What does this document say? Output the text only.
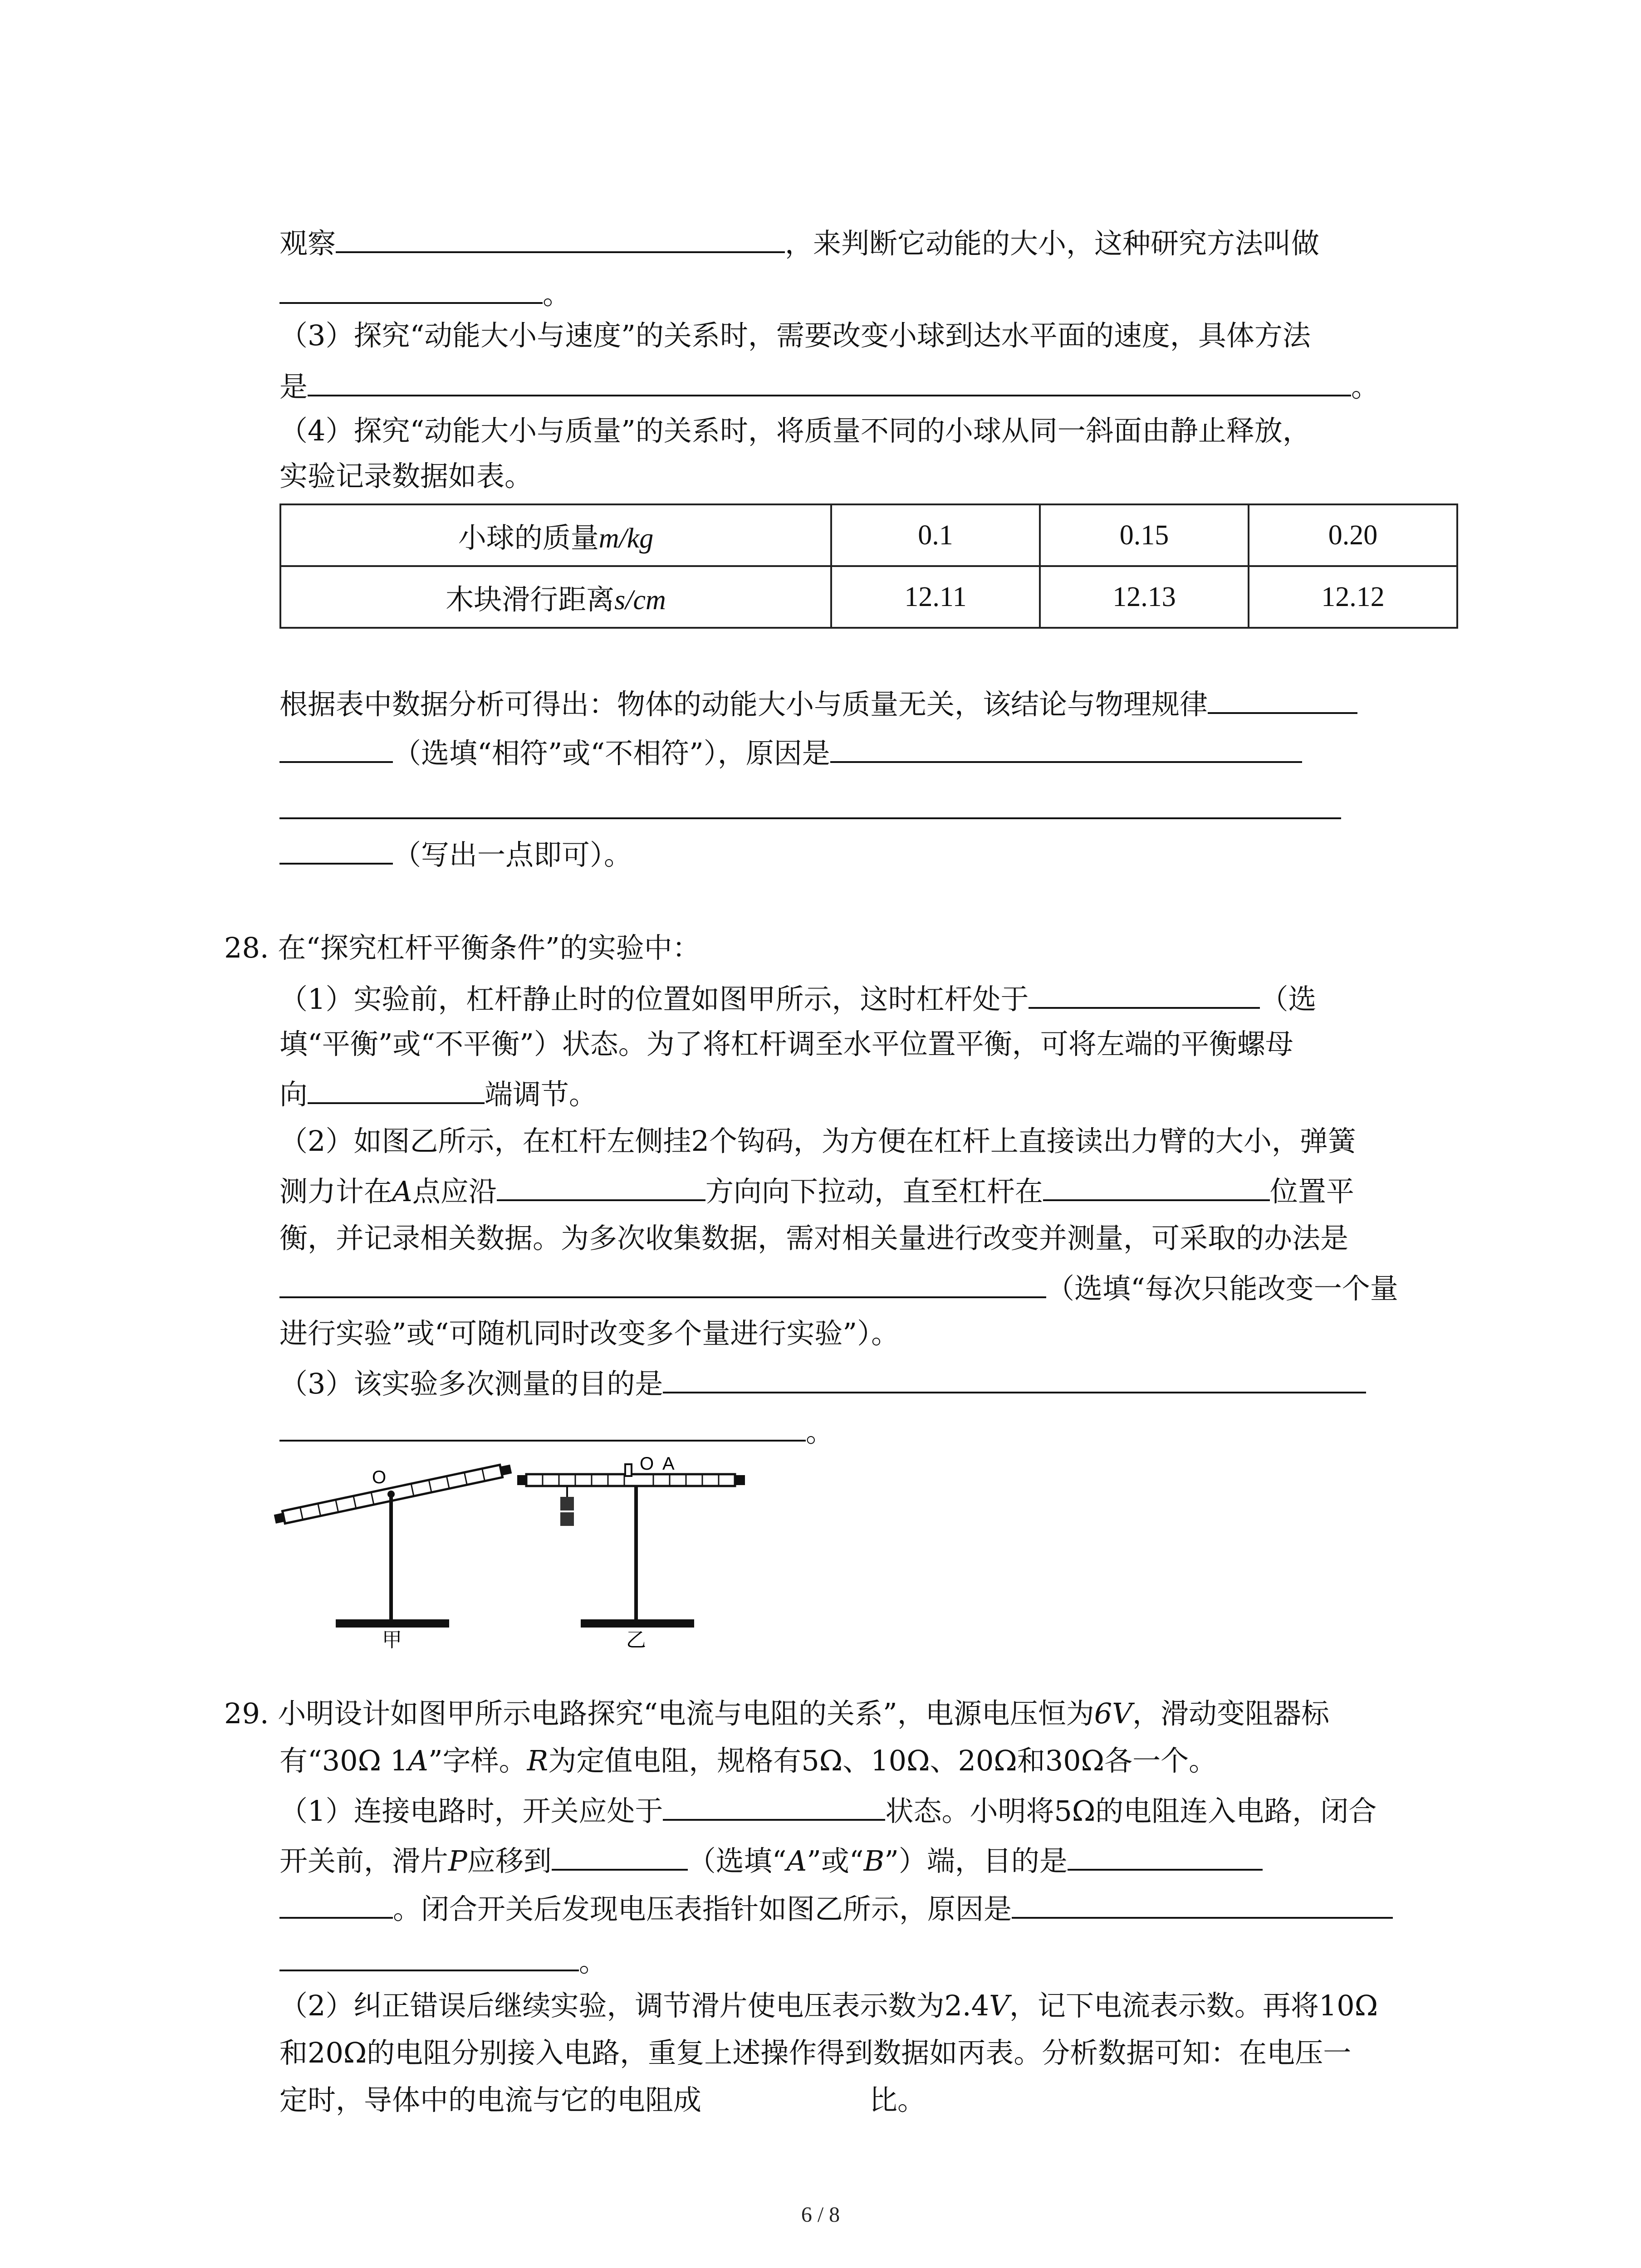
观察	，来判断它动能的大小，这种研究方法叫做
。
（3）探究“动能大小与速度”的关系时，需要改变小球到达水平面的速度，具体方法
是	。
（4）探究“动能大小与质量”的关系时，将质量不同的小球从同一斜面由静止释放，
实验记录数据如表。
小球的质量m/kg	0.1	0.15	0.20
木块滑行距离s/cm	12.11	12.13	12.12
根据表中数据分析可得出：物体的动能大小与质量无关，该结论与物理规律
（选填“相符”或“不相符”），原因是
（写出一点即可）。
28. 在“探究杠杆平衡条件”的实验中：
（1）实验前，杠杆静止时的位置如图甲所示，这时杠杆处于	（选
填“平衡”或“不平衡”）状态。为了将杠杆调至水平位置平衡，可将左端的平衡螺母
向	端调节。
（2）如图乙所示，在杠杆左侧挂2个钩码，为方便在杠杆上直接读出力臂的大小，弹簧
测力计在A点应沿	方向向下拉动，直至杠杆在	位置平
衡，并记录相关数据。为多次收集数据，需对相关量进行改变并测量，可采取的办法是
（选填“每次只能改变一个量
进行实验”或“可随机同时改变多个量进行实验”）。
（3）该实验多次测量的目的是
。
O
甲
O A
乙
29. 小明设计如图甲所示电路探究“电流与电阻的关系”，电源电压恒为6V，滑动变阻器标
有“30Ω 1A”字样。R为定值电阻，规格有5Ω、10Ω、20Ω和30Ω各一个。
（1）连接电路时，开关应处于	状态。小明将5Ω的电阻连入电路，闭合
开关前，滑片P应移到	（选填“A”或“B”）端，目的是
。闭合开关后发现电压表指针如图乙所示，原因是
。
（2）纠正错误后继续实验，调节滑片使电压表示数为2.4V，记下电流表示数。再将10Ω
和20Ω的电阻分别接入电路，重复上述操作得到数据如丙表。分析数据可知：在电压一
定时，导体中的电流与它的电阻成	比。
6 / 8
